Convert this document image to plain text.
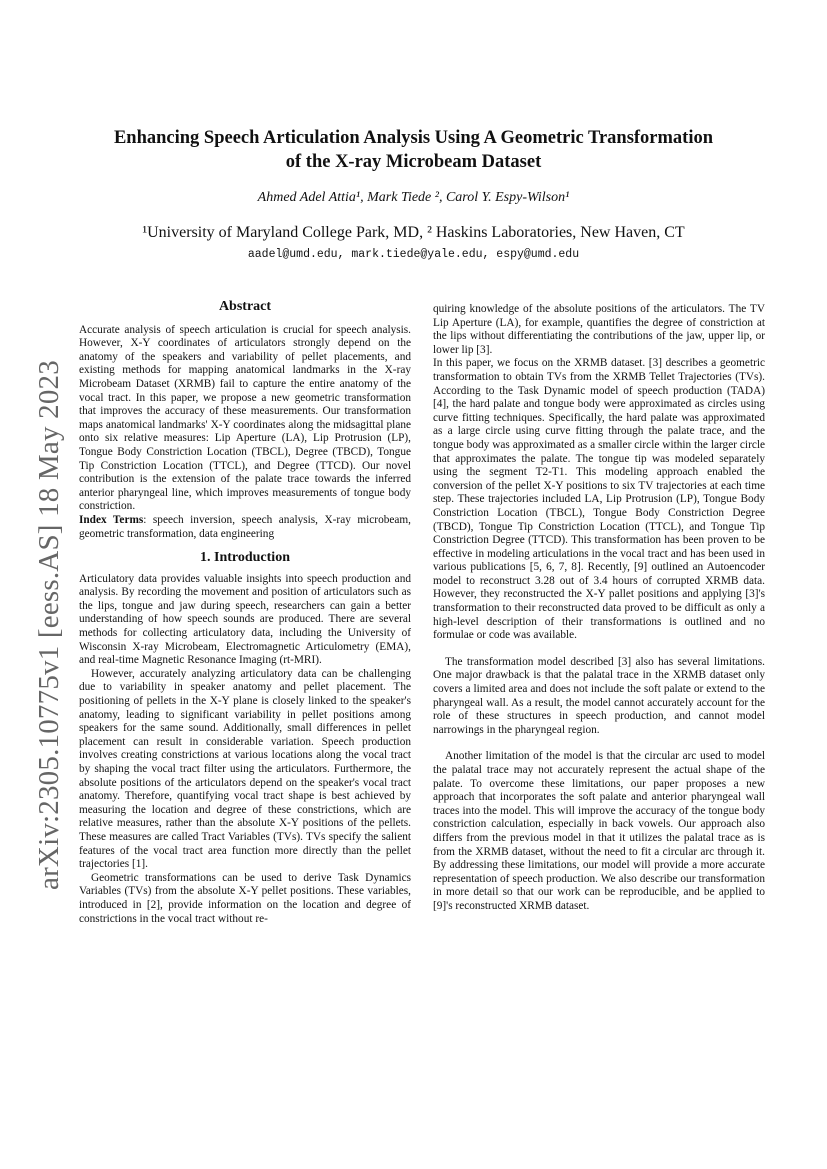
arXiv:2305.10775v1 [eess.AS] 18 May 2023
Enhancing Speech Articulation Analysis Using A Geometric Transformation
of the X-ray Microbeam Dataset
Ahmed Adel Attia¹, Mark Tiede ², Carol Y. Espy-Wilson¹
¹University of Maryland College Park, MD, ² Haskins Laboratories, New Haven, CT
aadel@umd.edu, mark.tiede@yale.edu, espy@umd.edu
Abstract

Accurate analysis of speech articulation is crucial for speech analysis. However, X-Y coordinates of articulators strongly depend on the anatomy of the speakers and variability of pellet placements, and existing methods for mapping anatomical landmarks in the X-ray Microbeam Dataset (XRMB) fail to capture the entire anatomy of the vocal tract. In this paper, we propose a new geometric transformation that improves the accuracy of these measurements. Our transformation maps anatomical landmarks' X-Y coordinates along the midsagittal plane onto six relative measures: Lip Aperture (LA), Lip Protrusion (LP), Tongue Body Constriction Location (TBCL), Degree (TBCD), Tongue Tip Constriction Location (TTCL), and Degree (TTCD). Our novel contribution is the extension of the palate trace towards the inferred anterior pharyngeal line, which improves measurements of tongue body constriction.

Index Terms: speech inversion, speech analysis, X-ray microbeam, geometric transformation, data engineering

1. Introduction

Articulatory data provides valuable insights into speech production and analysis. By recording the movement and position of articulators such as the lips, tongue and jaw during speech, researchers can gain a better understanding of how speech sounds are produced. There are several methods for collecting articulatory data, including the University of Wisconsin X-ray Microbeam, Electromagnetic Articulometry (EMA), and real-time Magnetic Resonance Imaging (rt-MRI).

However, accurately analyzing articulatory data can be challenging due to variability in speaker anatomy and pellet placement. The positioning of pellets in the X-Y plane is closely linked to the speaker's anatomy, leading to significant variability in pellet positions among speakers for the same sound. Additionally, small differences in pellet placement can result in considerable variation. Speech production involves creating constrictions at various locations along the vocal tract by shaping the vocal tract filter using the articulators. Furthermore, the absolute positions of the articulators depend on the speaker's vocal tract anatomy. Therefore, quantifying vocal tract shape is best achieved by measuring the location and degree of these constrictions, which are relative measures, rather than the absolute X-Y positions of the pellets. These measures are called Tract Variables (TVs). TVs specify the salient features of the vocal tract area function more directly than the pellet trajectories [1].

Geometric transformations can be used to derive Task Dynamics Variables (TVs) from the absolute X-Y pellet positions. These variables, introduced in [2], provide information on the location and degree of constrictions in the vocal tract without re-

quiring knowledge of the absolute positions of the articulators. The TV Lip Aperture (LA), for example, quantifies the degree of constriction at the lips without differentiating the contributions of the jaw, upper lip, or lower lip [3].

In this paper, we focus on the XRMB dataset. [3] describes a geometric transformation to obtain TVs from the XRMB Tellet Trajectories (TVs). According to the Task Dynamic model of speech production (TADA) [4], the hard palate and tongue body were approximated as circles using curve fitting techniques. Specifically, the hard palate was approximated as a large circle using curve fitting through the palate trace, and the tongue body was approximated as a smaller circle within the larger circle that approximates the palate. The tongue tip was modeled separately using the segment T2-T1. This modeling approach enabled the conversion of the pellet X-Y positions to six TV trajectories at each time step. These trajectories included LA, Lip Protrusion (LP), Tongue Body Constriction Location (TBCL), Tongue Body Constriction Degree (TBCD), Tongue Tip Constriction Location (TTCL), and Tongue Tip Constriction Degree (TTCD). This transformation has been proven to be effective in modeling articulations in the vocal tract and has been used in various publications [5, 6, 7, 8]. Recently, [9] outlined an Autoencoder model to reconstruct 3.28 out of 3.4 hours of corrupted XRMB data. However, they reconstructed the X-Y pallet positions and applying [3]'s transformation to their reconstructed data proved to be difficult as only a high-level description of their transformations is outlined and no formulae or code was available.

The transformation model described [3] also has several limitations. One major drawback is that the palatal trace in the XRMB dataset only covers a limited area and does not include the soft palate or extend to the pharyngeal wall. As a result, the model cannot accurately account for the role of these structures in speech production, and cannot model narrowings in the pharyngeal region.

Another limitation of the model is that the circular arc used to model the palatal trace may not accurately represent the actual shape of the palate. To overcome these limitations, our paper proposes a new approach that incorporates the soft palate and anterior pharyngeal wall traces into the model. This will improve the accuracy of the tongue body constriction calculation, especially in back vowels. Our approach also differs from the previous model in that it utilizes the palatal trace as is from the XRMB dataset, without the need to fit a circular arc through it. By addressing these limitations, our model will provide a more accurate representation of speech production. We also describe our transformation in more detail so that our work can be reproducible, and be applied to [9]'s reconstructed XRMB dataset.
